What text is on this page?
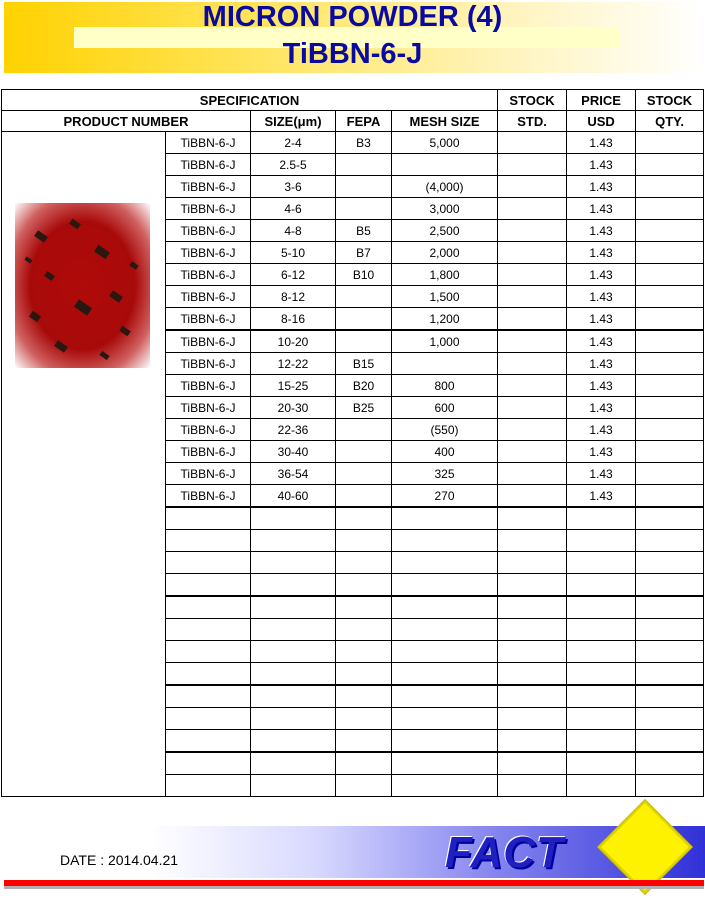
MICRON POWDER (4)
TiBBN-6-J
SPECIFICATION					STOCK	PRICE	STOCK
PRODUCT NUMBER		SIZE(μm)	FEPA	MESH SIZE	STD.	USD	QTY.

	TiBBN-6-J	2-4	B3	5,000		1.43	
	TiBBN-6-J	2.5-5				1.43	
	TiBBN-6-J	3-6		(4,000)		1.43	
	TiBBN-6-J	4-6		3,000		1.43	
	TiBBN-6-J	4-8	B5	2,500		1.43	
	TiBBN-6-J	5-10	B7	2,000		1.43	
	TiBBN-6-J	6-12	B10	1,800		1.43	
	TiBBN-6-J	8-12		1,500		1.43	
	TiBBN-6-J	8-16		1,200		1.43	
	TiBBN-6-J	10-20		1,000		1.43	
	TiBBN-6-J	12-22	B15			1.43	
	TiBBN-6-J	15-25	B20	800		1.43	
	TiBBN-6-J	20-30	B25	600		1.43	
	TiBBN-6-J	22-36		(550)		1.43	
	TiBBN-6-J	30-40		400		1.43	
	TiBBN-6-J	36-54		325		1.43	
	TiBBN-6-J	40-60		270		1.43	

DATE : 2014.04.21	FACT
